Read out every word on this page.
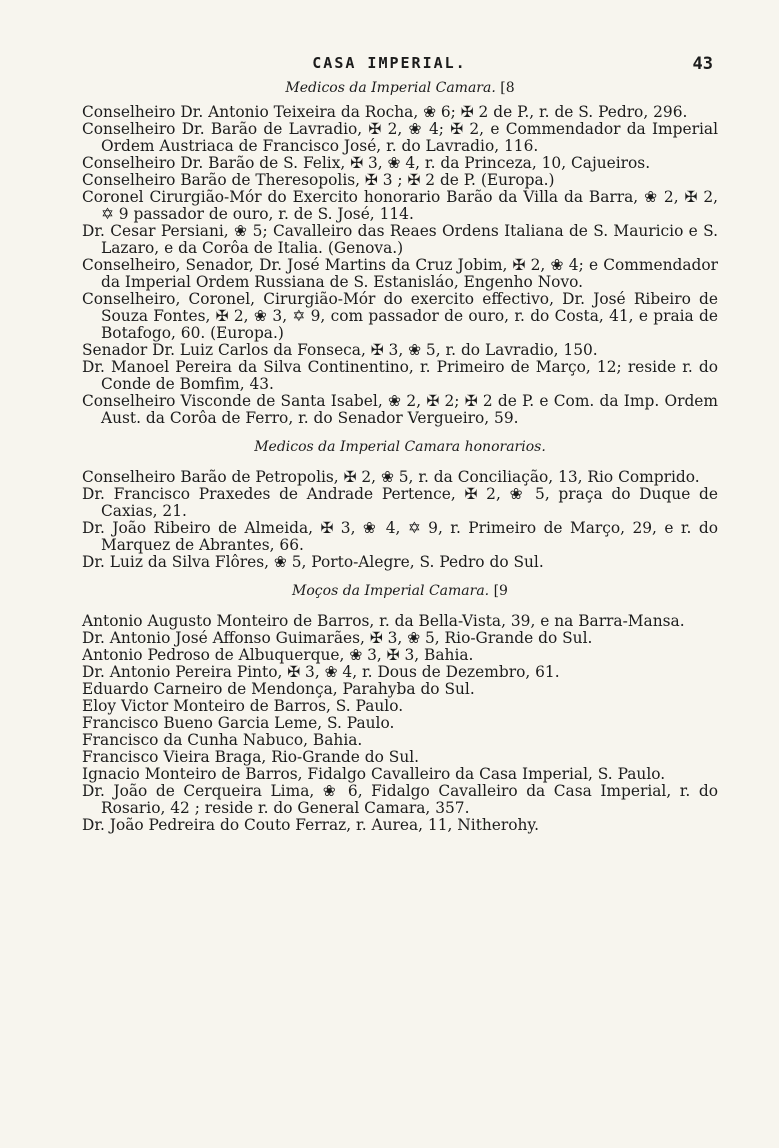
CASA IMPERIAL.	43

Medicos da Imperial Camara. [8

Conselheiro Dr. Antonio Teixeira da Rocha, ❀ 6; ✠ 2 de P., r. de S. Pedro, 296.

Conselheiro Dr. Barão de Lavradio, ✠ 2, ❀ 4; ✠ 2, e Commendador da Imperial Ordem Austriaca de Francisco José, r. do Lavradio, 116.

Conselheiro Dr. Barão de S. Felix, ✠ 3, ❀ 4, r. da Princeza, 10, Cajueiros.

Conselheiro Barão de Theresopolis, ✠ 3 ; ✠ 2 de P. (Europa.)

Coronel Cirurgião-Mór do Exercito honorario Barão da Villa da Barra, ❀ 2, ✠ 2, ✡ 9 passador de ouro, r. de S. José, 114.

Dr. Cesar Persiani, ❀ 5; Cavalleiro das Reaes Ordens Italiana de S. Mauricio e S. Lazaro, e da Corôa de Italia. (Genova.)

Conselheiro, Senador, Dr. José Martins da Cruz Jobim, ✠ 2, ❀ 4; e Commendador da Imperial Ordem Russiana de S. Estanisláo, Engenho Novo.

Conselheiro, Coronel, Cirurgião-Mór do exercito effectivo, Dr. José Ribeiro de Souza Fontes, ✠ 2, ❀ 3, ✡ 9, com passador de ouro, r. do Costa, 41, e praia de Botafogo, 60. (Europa.)

Senador Dr. Luiz Carlos da Fonseca, ✠ 3, ❀ 5, r. do Lavradio, 150.

Dr. Manoel Pereira da Silva Continentino, r. Primeiro de Março, 12; reside r. do Conde de Bomfim, 43.

Conselheiro Visconde de Santa Isabel, ❀ 2, ✠ 2; ✠ 2 de P. e Com. da Imp. Ordem Aust. da Corôa de Ferro, r. do Senador Vergueiro, 59.

Medicos da Imperial Camara honorarios.

Conselheiro Barão de Petropolis, ✠ 2, ❀ 5, r. da Conciliação, 13, Rio Comprido.

Dr. Francisco Praxedes de Andrade Pertence, ✠ 2, ❀ 5, praça do Duque de Caxias, 21.

Dr. João Ribeiro de Almeida, ✠ 3, ❀ 4, ✡ 9, r. Primeiro de Março, 29, e r. do Marquez de Abrantes, 66.

Dr. Luiz da Silva Flôres, ❀ 5, Porto-Alegre, S. Pedro do Sul.

Moços da Imperial Camara. [9

Antonio Augusto Monteiro de Barros, r. da Bella-Vista, 39, e na Barra-Mansa.

Dr. Antonio José Affonso Guimarães, ✠ 3, ❀ 5, Rio-Grande do Sul.

Antonio Pedroso de Albuquerque, ❀ 3, ✠ 3, Bahia.

Dr. Antonio Pereira Pinto, ✠ 3, ❀ 4, r. Dous de Dezembro, 61.

Eduardo Carneiro de Mendonça, Parahyba do Sul.

Eloy Victor Monteiro de Barros, S. Paulo.

Francisco Bueno Garcia Leme, S. Paulo.

Francisco da Cunha Nabuco, Bahia.

Francisco Vieira Braga, Rio-Grande do Sul.

Ignacio Monteiro de Barros, Fidalgo Cavalleiro da Casa Imperial, S. Paulo.

Dr. João de Cerqueira Lima, ❀ 6, Fidalgo Cavalleiro da Casa Imperial, r. do Rosario, 42 ; reside r. do General Camara, 357.

Dr. João Pedreira do Couto Ferraz, r. Aurea, 11, Nitherohy.
